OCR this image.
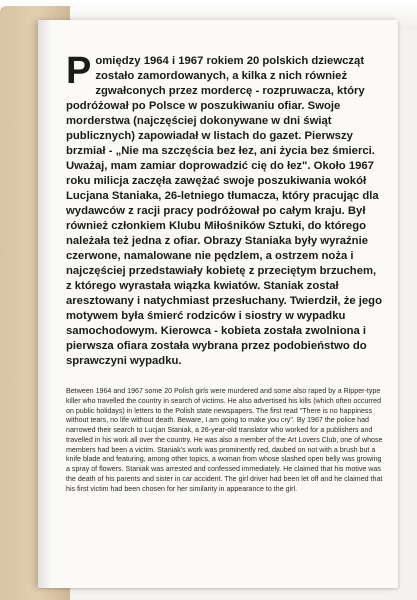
Pomiędzy 1964 i 1967 rokiem 20 polskich dziewcząt zostało zamordowanych, a kilka z nich również zgwałconych przez mordercę - rozpruwacza, który podróżował po Polsce w poszukiwaniu ofiar. Swoje morderstwa (najczęściej dokonywane w dni świąt publicznych) zapowiadał w listach do gazet. Pierwszy brzmiał - „Nie ma szczęścia bez łez, ani życia bez śmierci. Uważaj, mam zamiar doprowadzić cię do łez". Około 1967 roku milicja zaczęła zawężać swoje poszukiwania wokół Lucjana Staniaka, 26-letniego tłumacza, który pracując dla wydawców z racji pracy podróżował po całym kraju. Był również członkiem Klubu Miłośników Sztuki, do którego należała też jedna z ofiar. Obrazy Staniaka były wyraźnie czerwone, namalowane nie pędzlem, a ostrzem noża i najczęściej przedstawiały kobietę z przeciętym brzuchem, z którego wyrastała wiązka kwiatów. Staniak został aresztowany i natychmiast przesłuchany. Twierdził, że jego motywem była śmierć rodziców i siostry w wypadku samochodowym. Kierowca - kobieta została zwolniona i pierwsza ofiara została wybrana przez podobieństwo do sprawczyni wypadku.

Between 1964 and 1967 some 20 Polish girls were murdered and some also raped by a Ripper-type killer who travelled the country in search of victims. He also advertised his kills (which often occurred on public holidays) in letters to the Polish state newspapers. The first read "There is no happiness without tears, no life without death. Beware, I am going to make you cry". By 1967 the police had narrowed their search to Lucjan Staniak, a 26-year-old translator who worked for a publishers and travelled in his work all over the country. He was also a member of the Art Lovers Club, one of whose members had been a victim. Staniak's work was prominently red, daubed on not with a brush but a knife blade and featuring, among other topics, a woman from whose slashed open belly was growing a spray of flowers. Staniak was arrested and confessed immediately. He claimed that his motive was the death of his parents and sister in car accident. The girl driver had been let off and he claimed that his first victim had been chosen for her similarity in appearance to the girl.
